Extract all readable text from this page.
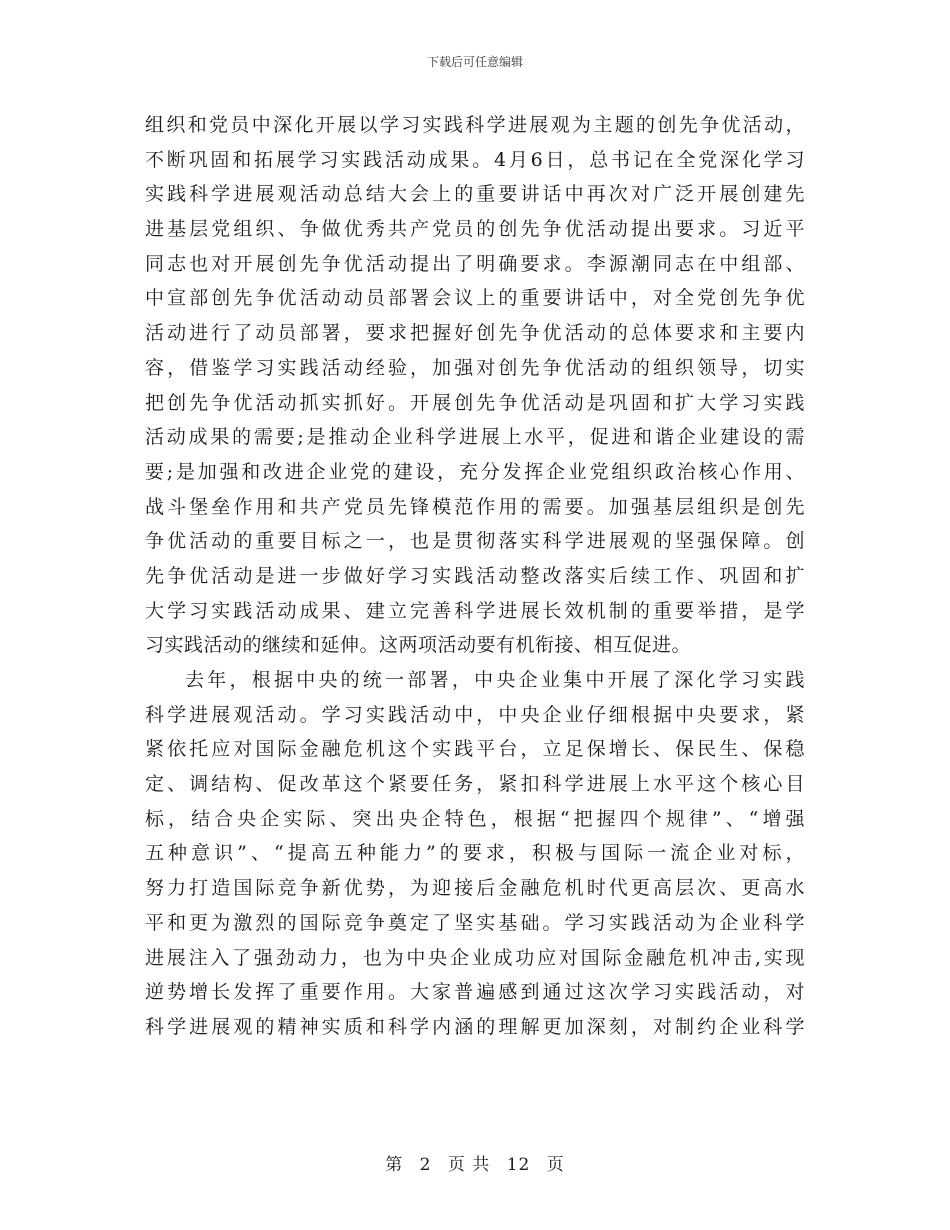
下载后可任意编辑
组织和党员中深化开展以学习实践科学进展观为主题的创先争优活动，
不断巩固和拓展学习实践活动成果。4月6日，总书记在全党深化学习
实践科学进展观活动总结大会上的重要讲话中再次对广泛开展创建先
进基层党组织、争做优秀共产党员的创先争优活动提出要求。习近平
同志也对开展创先争优活动提出了明确要求。李源潮同志在中组部、
中宣部创先争优活动动员部署会议上的重要讲话中，对全党创先争优
活动进行了动员部署，要求把握好创先争优活动的总体要求和主要内
容，借鉴学习实践活动经验，加强对创先争优活动的组织领导，切实
把创先争优活动抓实抓好。开展创先争优活动是巩固和扩大学习实践
活动成果的需要;是推动企业科学进展上水平，促进和谐企业建设的需
要;是加强和改进企业党的建设，充分发挥企业党组织政治核心作用、
战斗堡垒作用和共产党员先锋模范作用的需要。加强基层组织是创先
争优活动的重要目标之一，也是贯彻落实科学进展观的坚强保障。创
先争优活动是进一步做好学习实践活动整改落实后续工作、巩固和扩
大学习实践活动成果、建立完善科学进展长效机制的重要举措，是学
习实践活动的继续和延伸。这两项活动要有机衔接、相互促进。
去年，根据中央的统一部署，中央企业集中开展了深化学习实践
科学进展观活动。学习实践活动中，中央企业仔细根据中央要求，紧
紧依托应对国际金融危机这个实践平台，立足保增长、保民生、保稳
定、调结构、促改革这个紧要任务，紧扣科学进展上水平这个核心目
标，结合央企实际、突出央企特色，根据“把握四个规律”、“增强
五种意识”、“提高五种能力”的要求，积极与国际一流企业对标，
努力打造国际竞争新优势，为迎接后金融危机时代更高层次、更高水
平和更为激烈的国际竞争奠定了坚实基础。学习实践活动为企业科学
进展注入了强劲动力，也为中央企业成功应对国际金融危机冲击,实现
逆势增长发挥了重要作用。大家普遍感到通过这次学习实践活动，对
科学进展观的精神实质和科学内涵的理解更加深刻，对制约企业科学
第 2 页 共 12 页
